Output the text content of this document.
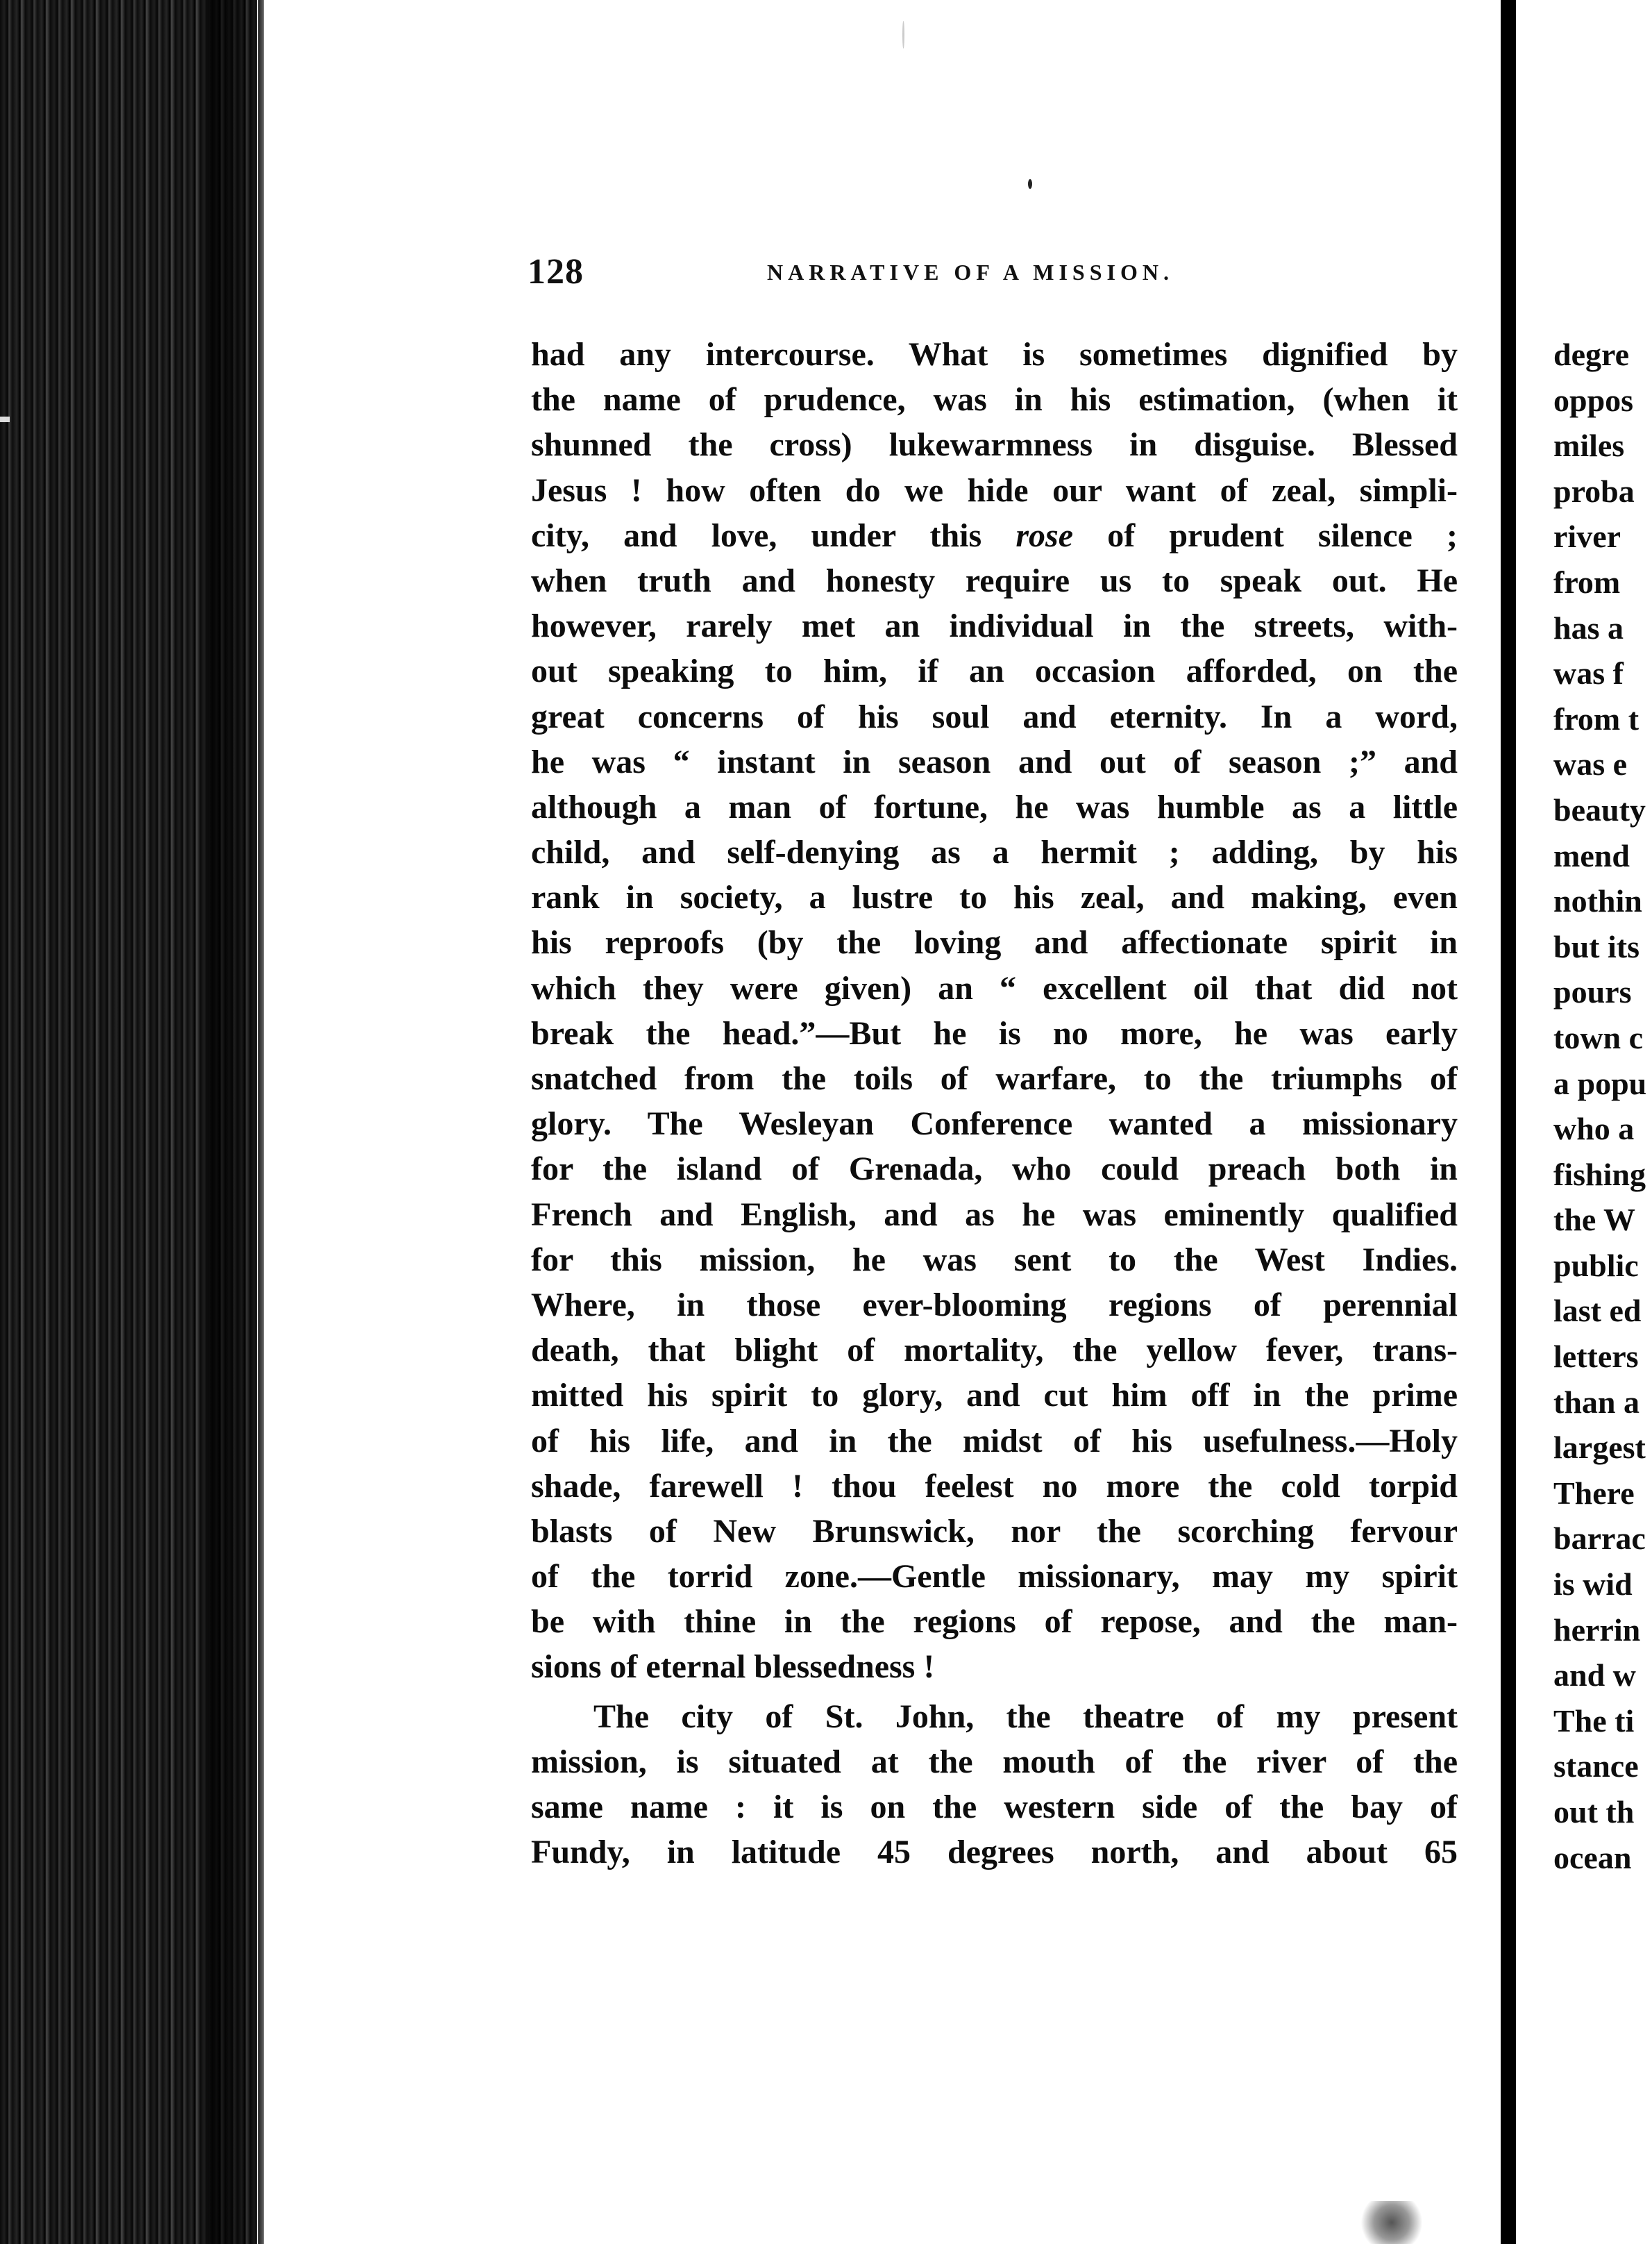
128	NARRATIVE OF A MISSION.
had any intercourse. What is sometimes dignified by
the name of prudence, was in his estimation, (when it
shunned the cross) lukewarmness in disguise. Blessed
Jesus ! how often do we hide our want of zeal, simpli-
city, and love, under this rose of prudent silence ;
when truth and honesty require us to speak out. He
however, rarely met an individual in the streets, with-
out speaking to him, if an occasion afforded, on the
great concerns of his soul and eternity. In a word,
he was “ instant in season and out of season ;” and
although a man of fortune, he was humble as a little
child, and self-denying as a hermit ; adding, by his
rank in society, a lustre to his zeal, and making, even
his reproofs (by the loving and affectionate spirit in
which they were given) an “ excellent oil that did not
break the head.”—But he is no more, he was early
snatched from the toils of warfare, to the triumphs of
glory. The Wesleyan Conference wanted a missionary
for the island of Grenada, who could preach both in
French and English, and as he was eminently qualified
for this mission, he was sent to the West Indies.
Where, in those ever-blooming regions of perennial
death, that blight of mortality, the yellow fever, trans-
mitted his spirit to glory, and cut him off in the prime
of his life, and in the midst of his usefulness.—Holy
shade, farewell ! thou feelest no more the cold torpid
blasts of New Brunswick, nor the scorching fervour
of the torrid zone.—Gentle missionary, may my spirit
be with thine in the regions of repose, and the man-
sions of eternal blessedness !
The city of St. John, the theatre of my present
mission, is situated at the mouth of the river of the
same name : it is on the western side of the bay of
Fundy, in latitude 45 degrees north, and about 65
degre
oppos
miles
proba
river
from
has a
was f
from t
was e
beauty
mend
nothin
but its
pours
town c
a popu
who a
fishing
the W
public
last ed
letters
than a
largest
There
barrac
is wid
herrin
and w
The ti
stance
out th
ocean
